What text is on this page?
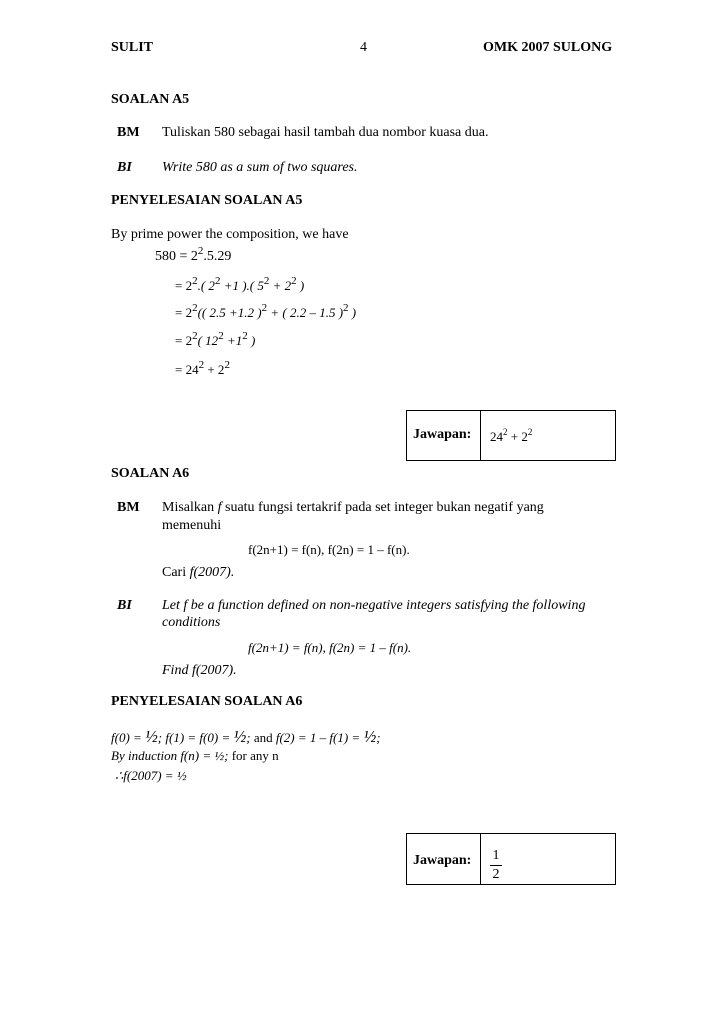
SULIT	4	OMK 2007 SULONG
SOALAN A5
BM Tuliskan 580 sebagai hasil tambah dua nombor kuasa dua.
BI Write 580 as a sum of two squares.
PENYELESAIAN SOALAN A5
By prime power the composition, we have
$580 = 2^2.5.29$
= $2^2$.( $2^2 +1$ ).( $5^2 + 2^2$ )
= $2^2$(( 2.5 +1.2 )$^2$ + ( 2.2 – 1.5 )$^2$ )
= $2^2$( $12^2 +1^2$ )
= $24^2 + 2^2$
Jawapan: $24^2 + 2^2$
SOALAN A6
BM Misalkan f suatu fungsi tertakrif pada set integer bukan negatif yang
memenuhi
f(2n+1) = f(n), f(2n) = 1 – f(n).
Cari f(2007).
BI Let f be a function defined on non-negative integers satisfying the following
conditions
f(2n+1) = f(n), f(2n) = 1 – f(n).
Find f(2007).
PENYELESAIAN SOALAN A6
f(0) = ½; f(1) = f(0) = ½; and f(2) = 1 – f(1) = ½;
By induction f(n) = ½; for any n
∴f(2007) = ½
Jawapan: 1
2
